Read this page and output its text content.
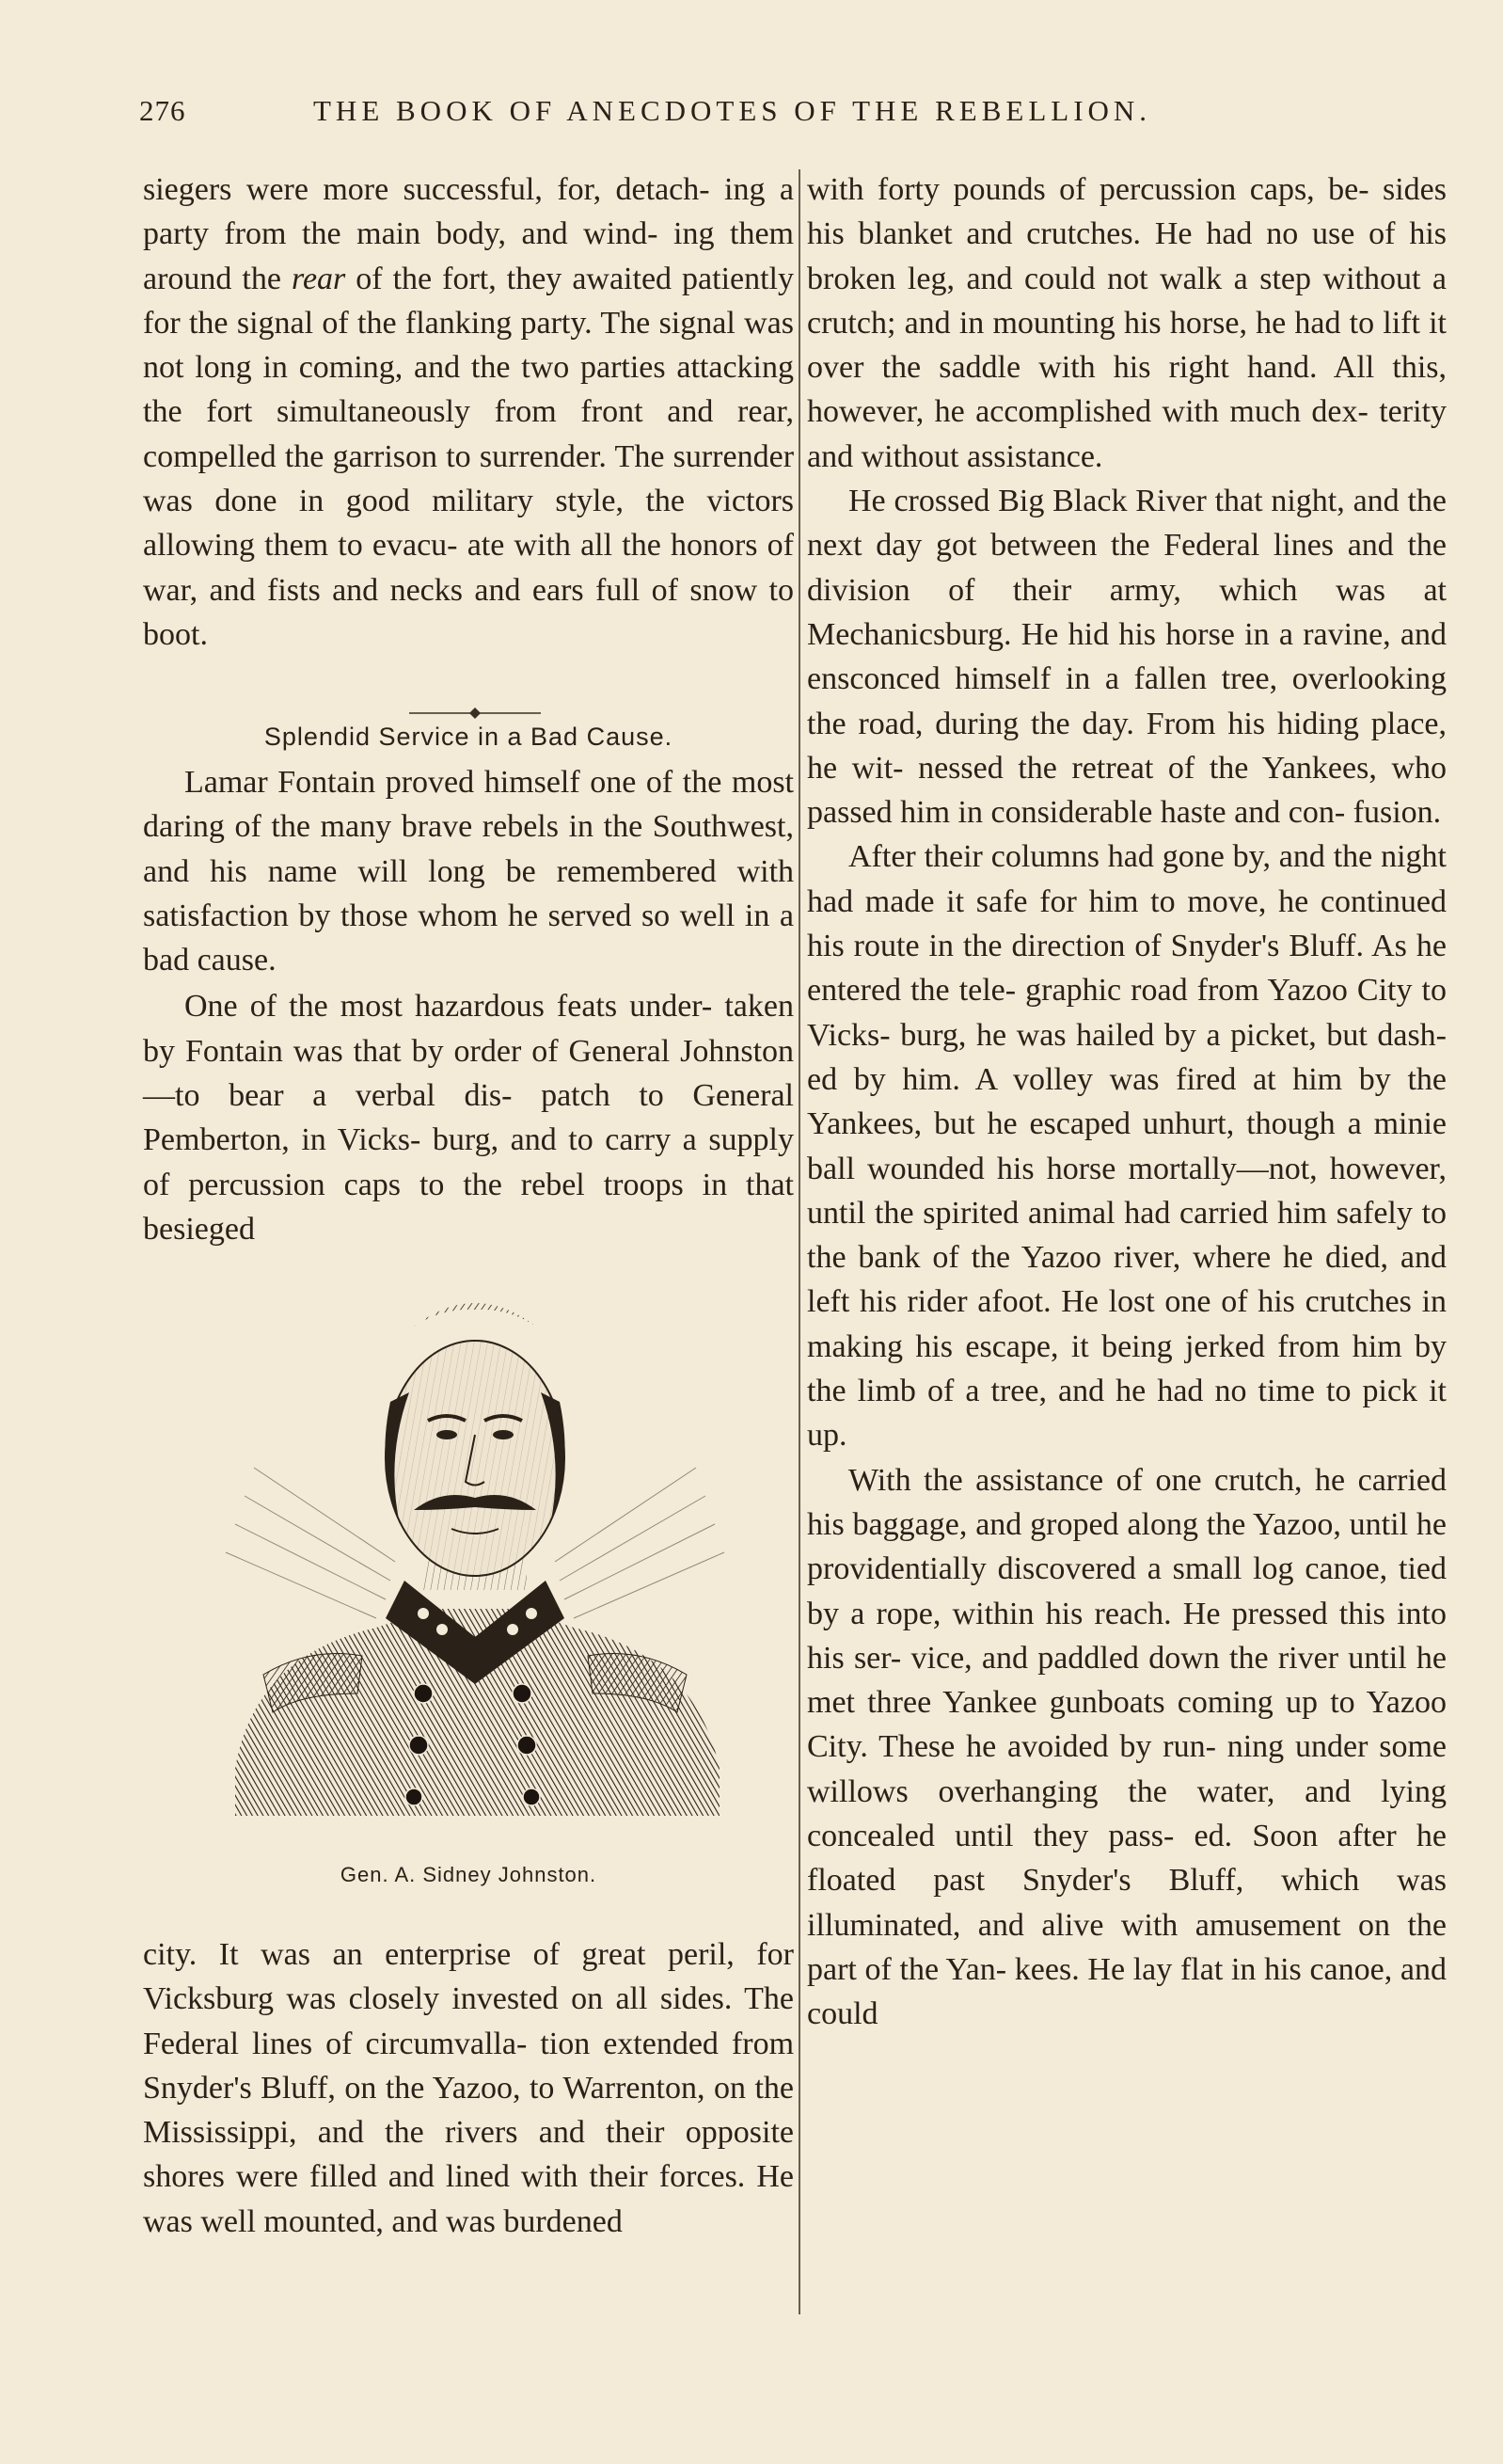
276	THE BOOK OF ANECDOTES OF THE REBELLION.

siegers were more successful, for, detach- ing a party from the main body, and wind- ing them around the rear of the fort, they awaited patiently for the signal of the flanking party. The signal was not long in coming, and the two parties attacking the fort simultaneously from front and rear, compelled the garrison to surrender. The surrender was done in good military style, the victors allowing them to evacu- ate with all the honors of war, and fists and necks and ears full of snow to boot.

Splendid Service in a Bad Cause.

Lamar Fontain proved himself one of the most daring of the many brave rebels in the Southwest, and his name will long be remembered with satisfaction by those whom he served so well in a bad cause.

One of the most hazardous feats under- taken by Fontain was that by order of General Johnston—to bear a verbal dis- patch to General Pemberton, in Vicks- burg, and to carry a supply of percussion caps to the rebel troops in that besieged

Gen. A. Sidney Johnston.

city. It was an enterprise of great peril, for Vicksburg was closely invested on all sides. The Federal lines of circumvalla- tion extended from Snyder's Bluff, on the Yazoo, to Warrenton, on the Mississippi, and the rivers and their opposite shores were filled and lined with their forces. He was well mounted, and was burdened

with forty pounds of percussion caps, be- sides his blanket and crutches. He had no use of his broken leg, and could not walk a step without a crutch; and in mounting his horse, he had to lift it over the saddle with his right hand. All this, however, he accomplished with much dex- terity and without assistance.

He crossed Big Black River that night, and the next day got between the Federal lines and the division of their army, which was at Mechanicsburg. He hid his horse in a ravine, and ensconced himself in a fallen tree, overlooking the road, during the day. From his hiding place, he wit- nessed the retreat of the Yankees, who passed him in considerable haste and con- fusion.

After their columns had gone by, and the night had made it safe for him to move, he continued his route in the direction of Snyder's Bluff. As he entered the tele- graphic road from Yazoo City to Vicks- burg, he was hailed by a picket, but dash- ed by him. A volley was fired at him by the Yankees, but he escaped unhurt, though a minie ball wounded his horse mortally—not, however, until the spirited animal had carried him safely to the bank of the Yazoo river, where he died, and left his rider afoot. He lost one of his crutches in making his escape, it being jerked from him by the limb of a tree, and he had no time to pick it up.

With the assistance of one crutch, he carried his baggage, and groped along the Yazoo, until he providentially discovered a small log canoe, tied by a rope, within his reach. He pressed this into his ser- vice, and paddled down the river until he met three Yankee gunboats coming up to Yazoo City. These he avoided by run- ning under some willows overhanging the water, and lying concealed until they pass- ed. Soon after he floated past Snyder's Bluff, which was illuminated, and alive with amusement on the part of the Yan- kees. He lay flat in his canoe, and could
